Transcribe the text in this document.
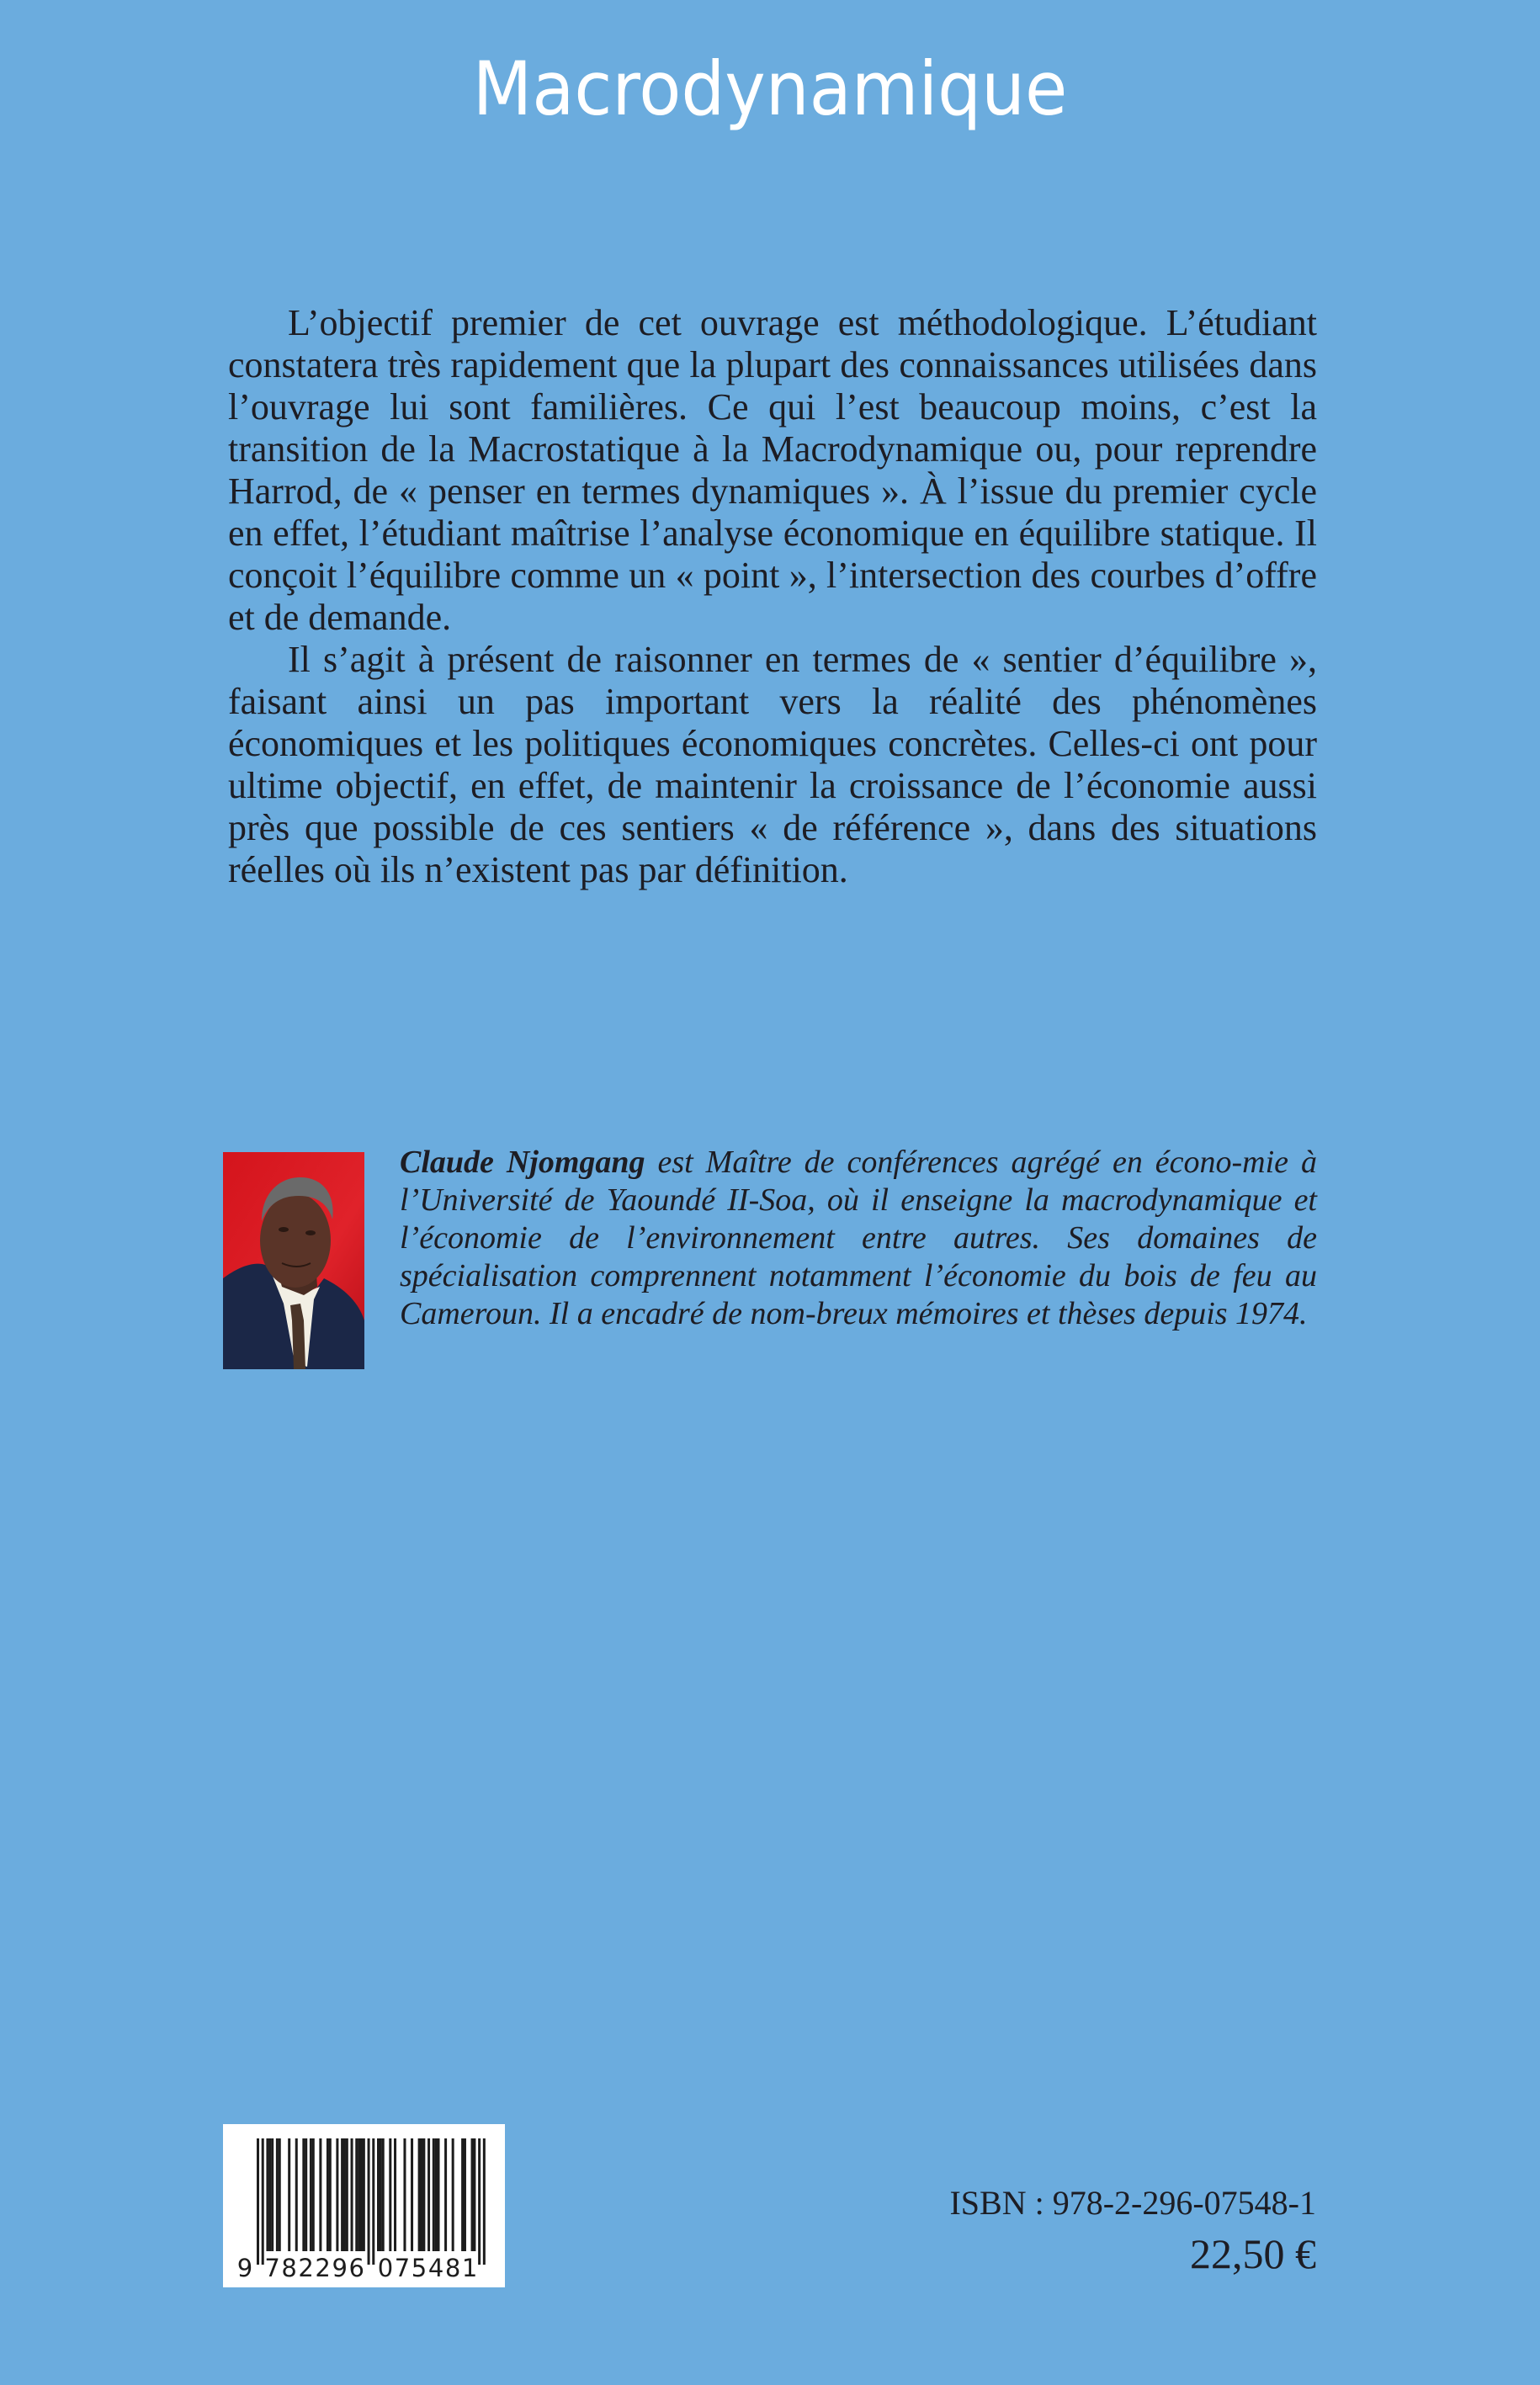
Macrodynamique

L’objectif premier de cet ouvrage est méthodologique. L’étudiant constatera très rapidement que la plupart des connaissances utilisées dans l’ouvrage lui sont familières. Ce qui l’est beaucoup moins, c’est la transition de la Macrostatique à la Macrodynamique ou, pour reprendre Harrod, de « penser en termes dynamiques ». À l’issue du premier cycle en effet, l’étudiant maîtrise l’analyse économique en équilibre statique. Il conçoit l’équilibre comme un « point », l’intersection des courbes d’offre et de demande.

Il s’agit à présent de raisonner en termes de « sentier d’équilibre », faisant ainsi un pas important vers la réalité des phénomènes économiques et les politiques économiques concrètes. Celles-ci ont pour ultime objectif, en effet, de maintenir la croissance de l’économie aussi près que possible de ces sentiers « de référence », dans des situations réelles où ils n’existent pas par définition.

Claude Njomgang est Maître de conférences agrégé en écono-mie à l’Université de Yaoundé II-Soa, où il enseigne la macrodynamique et l’économie de l’environnement entre autres. Ses domaines de spécialisation comprennent notamment l’économie du bois de feu au Cameroun. Il a encadré de nom-breux mémoires et thèses depuis 1974.

9 7	0
8	7
2	5
2	4
9	8
6	1
ISBN : 978-2-296-07548-1
22,50 €
